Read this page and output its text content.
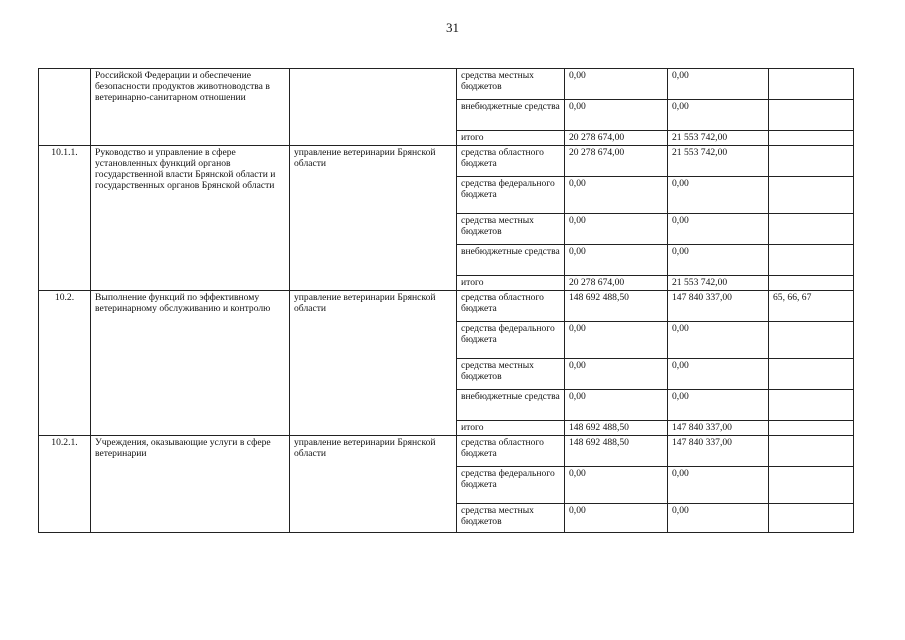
31
	Российской Федерации и обеспечение безопасности продуктов животноводства в ветеринарно-санитарном отношении		средства местных бюджетов	0,00	0,00	
			внебюджетные средства	0,00	0,00	
			итого	20 278 674,00	21 553 742,00	
10.1.1.	Руководство и управление в сфере установленных функций органов государственной власти Брянской области и государственных органов Брянской области	управление ветеринарии Брянской области	средства областного бюджета	20 278 674,00	21 553 742,00	
			средства федерального бюджета	0,00	0,00	
			средства местных бюджетов	0,00	0,00	
			внебюджетные средства	0,00	0,00	
			итого	20 278 674,00	21 553 742,00	
10.2.	Выполнение функций по эффективному ветеринарному обслуживанию и контролю	управление ветеринарии Брянской области	средства областного бюджета	148 692 488,50	147 840 337,00	65, 66, 67
			средства федерального бюджета	0,00	0,00	
			средства местных бюджетов	0,00	0,00	
			внебюджетные средства	0,00	0,00	
			итого	148 692 488,50	147 840 337,00	
10.2.1.	Учреждения, оказывающие услуги в сфере ветеринарии	управление ветеринарии Брянской области	средства областного бюджета	148 692 488,50	147 840 337,00	
			средства федерального бюджета	0,00	0,00	
			средства местных бюджетов	0,00	0,00	
